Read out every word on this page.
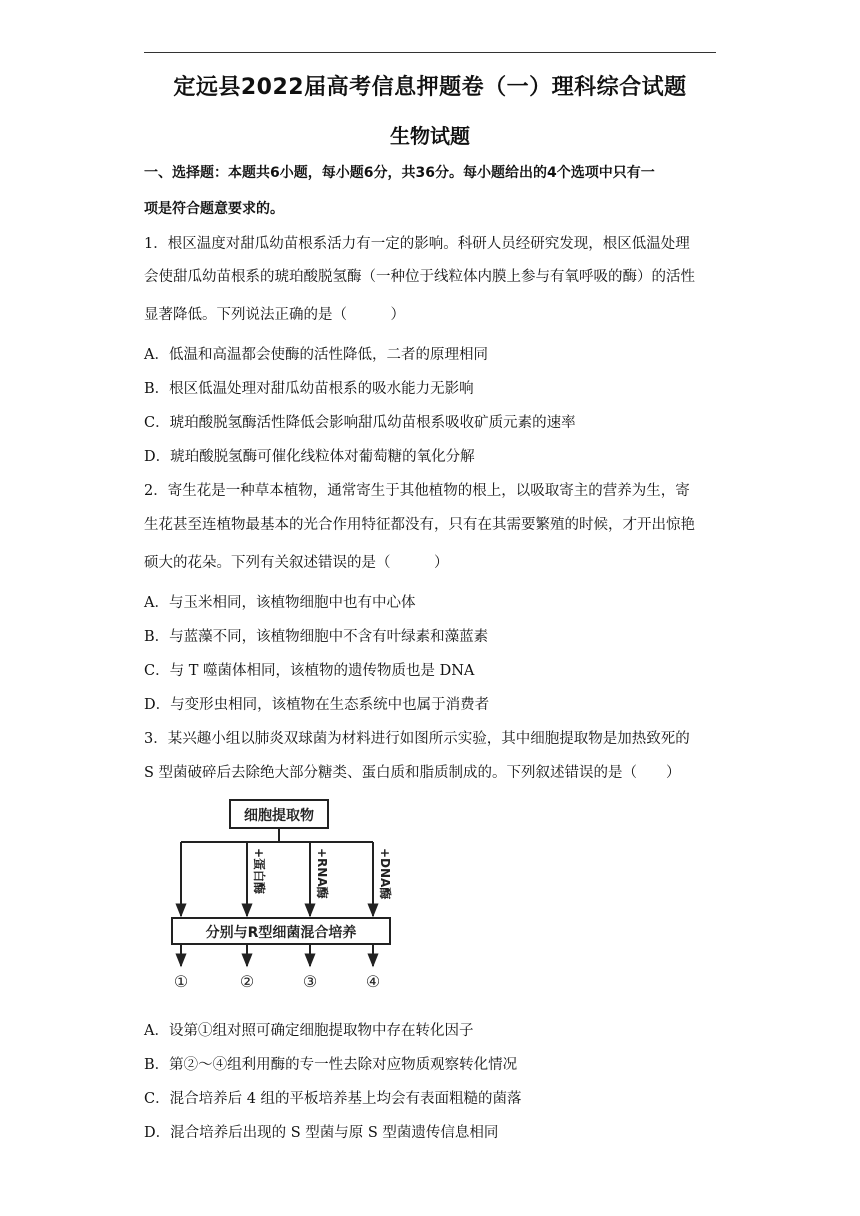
定远县2022届高考信息押题卷（一）理科综合试题
生物试题
一、选择题：本题共6小题，每小题6分，共36分。每小题给出的4个选项中只有一
项是符合题意要求的。
1．根区温度对甜瓜幼苗根系活力有一定的影响。科研人员经研究发现，根区低温处理
会使甜瓜幼苗根系的琥珀酸脱氢酶（一种位于线粒体内膜上参与有氧呼吸的酶）的活性
显著降低。下列说法正确的是（　　　）
A．低温和高温都会使酶的活性降低，二者的原理相同
B．根区低温处理对甜瓜幼苗根系的吸水能力无影响
C．琥珀酸脱氢酶活性降低会影响甜瓜幼苗根系吸收矿质元素的速率
D．琥珀酸脱氢酶可催化线粒体对葡萄糖的氧化分解
2．寄生花是一种草本植物，通常寄生于其他植物的根上，以吸取寄主的营养为生，寄
生花甚至连植物最基本的光合作用特征都没有，只有在其需要繁殖的时候，才开出惊艳
硕大的花朵。下列有关叙述错误的是（　　　）
A．与玉米相同，该植物细胞中也有中心体
B．与蓝藻不同，该植物细胞中不含有叶绿素和藻蓝素
C．与 T 噬菌体相同，该植物的遗传物质也是 DNA
D．与变形虫相同，该植物在生态系统中也属于消费者
3．某兴趣小组以肺炎双球菌为材料进行如图所示实验，其中细胞提取物是加热致死的
S 型菌破碎后去除绝大部分糖类、蛋白质和脂质制成的。下列叙述错误的是（　　）
细胞提取物
+蛋白酶	+RNA酶	+DNA酶
分别与R型细菌混合培养
①	②	③	④
A．设第①组对照可确定细胞提取物中存在转化因子
B．第②～④组利用酶的专一性去除对应物质观察转化情况
C．混合培养后 4 组的平板培养基上均会有表面粗糙的菌落
D．混合培养后出现的 S 型菌与原 S 型菌遗传信息相同
